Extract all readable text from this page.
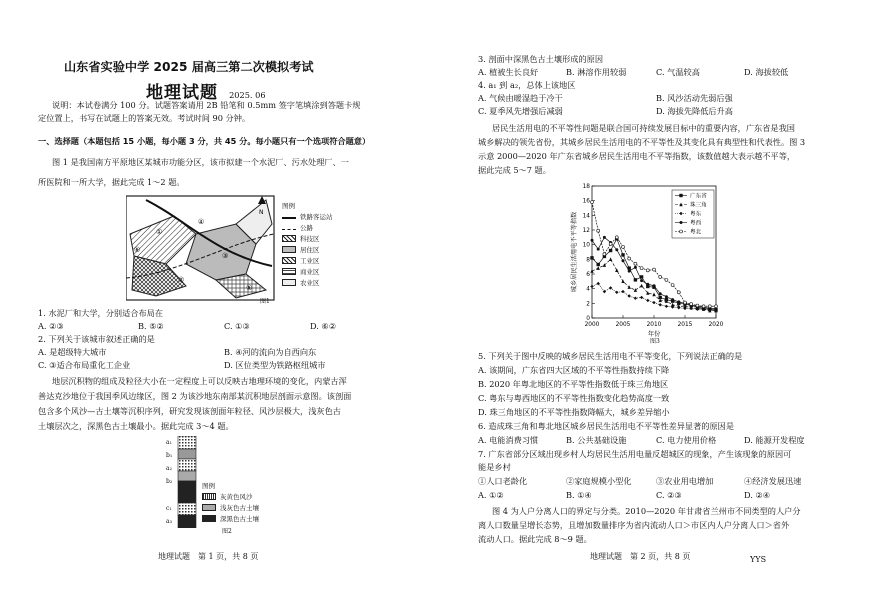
山东省实验中学 2025 届高三第二次模拟考试
地理试题 2025. 06
说明：本试卷满分 100 分。试题答案请用 2B 铅笔和 0.5mm 签字笔填涂到答题卡规
定位置上，书写在试题上的答案无效。考试时间 90 分钟。
一、选择题（本题包括 15 小题，每小题 3 分，共 45 分。每小题只有一个选项符合题意）
图 1 是我国南方平原地区某城市功能分区，该市拟建一个水泥厂、污水处理厂、一
所医院和一所大学，据此完成 1～2 题。
①
②
③
④
⑤
⑥
N
图例
铁路客运站
公路
科技区
居住区
工业区
商业区
农业区
图1
1. 水泥厂和大学，分别适合布局在
A. ②③	B. ⑤②	C. ①③	D. ⑥②
2. 下列关于该城市叙述正确的是
A. 是超级特大城市	B. ④河的流向为自西向东
C. ③适合布局重化工企业	D. 区位类型为铁路枢纽城市
地层沉积物的组成及粒径大小在一定程度上可以反映古地理环境的变化，内蒙古浑
善达克沙地位于我国季风边缘区，图 2 为该沙地东南部某沉积地层剖面示意图。该剖面
包含多个风沙—古土壤等沉积序列，研究发现该剖面年粒径、风沙层极大，浅灰色古
土壤层次之，深黑色古土壤最小。据此完成 3～4 题。
a₁
b₁
a₂
b₂
c₁
a₃
图例
灰黄色风沙
浅灰色古土壤
深黑色古土壤
图2
地理试题　第 1 页，共 8 页
3. 剖面中深黑色古土壤形成的原因
A. 植被生长良好	B. 淋溶作用较弱	C. 气温较高	D. 海拔较低
4. a₁ 到 a₂，总体上该地区
A. 气候由暖湿趋于冷干	B. 风沙活动先弱后强
C. 夏季风先增强后减弱	D. 海拔先降低后升高
居民生活用电的不平等性问题是联合国可持续发展目标中的重要内容，广东省是我国
城乡解决的领先省份，其城乡居民生活用电的不平等性及其变化具有典型性和代表性。图 3
示意 2000—2020 年广东省城乡居民生活用电不平等指数，该数值越大表示越不平等，
据此完成 5～7 题。
0
2
4
6
8
10
12
14
16
18
2000	2005	2010	2015	2020
广东省
珠三角
粤东
粤西
粤北
城乡居民生活用电不平等指数
年份
图3
5. 下列关于图中反映的城乡居民生活用电不平等变化，下列说法正确的是
A. 该期间，广东省四大区域的不平等性指数持续下降
B. 2020 年粤北地区的不平等性指数低于珠三角地区
C. 粤东与粤西地区的不平等性指数变化趋势高度一致
D. 珠三角地区的不平等性指数降幅大，城乡差异缩小
6. 造成珠三角和粤北地区城乡居民生活用电不平等性差异显著的原因是
A. 电能消费习惯	B. 公共基础设施	C. 电力使用价格	D. 能源开发程度
7. 广东省部分区域出现乡村人均居民生活用电量反超城区的现象，产生该现象的原因可
能是乡村
①人口老龄化	②家庭规模小型化	③农业用电增加	④经济发展迅速
A. ①②	B. ①④	C. ②③	D. ②④
图 4 为人户分离人口的界定与分类。2010—2020 年甘肃省兰州市不同类型的人户分
离人口数量呈增长态势，且增加数量排序为省内流动人口＞市区内人户分离人口＞省外
流动人口。据此完成 8～9 题。
地理试题　第 2 页，共 8 页	YYS
